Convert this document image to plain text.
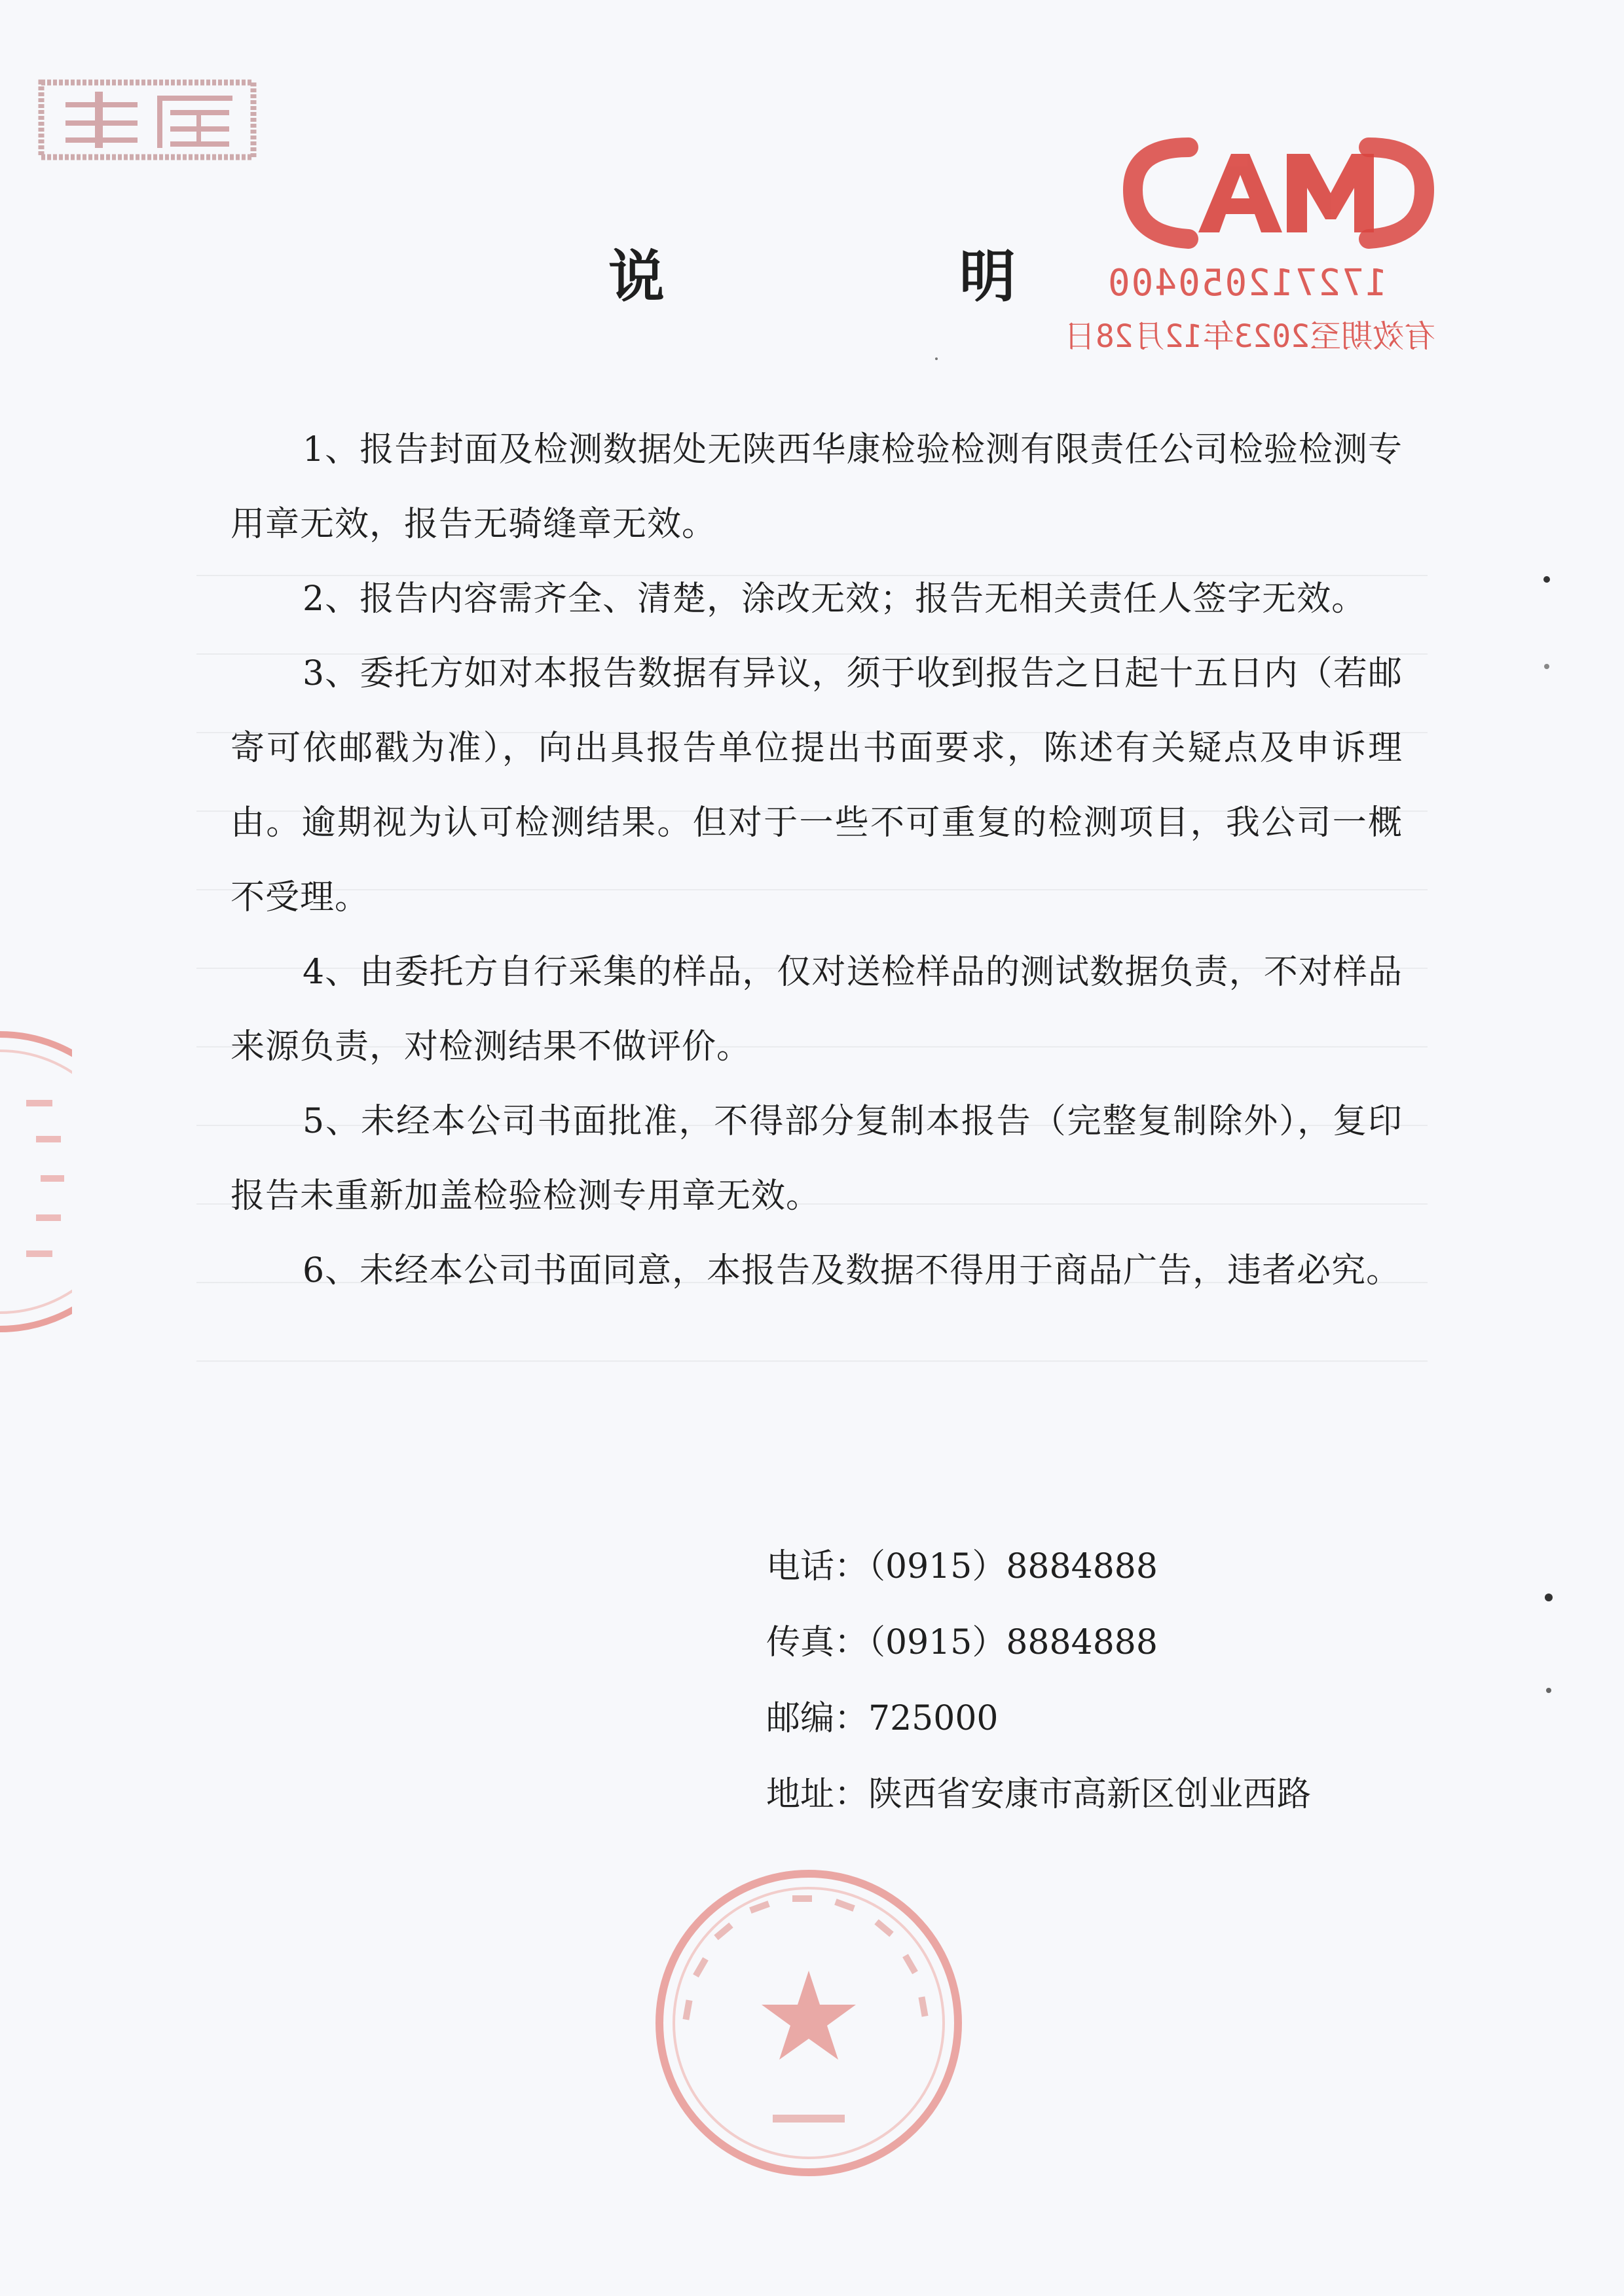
172712050400
有效期至2023年12月28日
说 明

1、报告封面及检测数据处无陕西华康检验检测有限责任公司检验检测专用章无效，报告无骑缝章无效。

2、报告内容需齐全、清楚，涂改无效；报告无相关责任人签字无效。

3、委托方如对本报告数据有异议，须于收到报告之日起十五日内（若邮寄可依邮戳为准），向出具报告单位提出书面要求，陈述有关疑点及申诉理由。逾期视为认可检测结果。但对于一些不可重复的检测项目，我公司一概不受理。

4、由委托方自行采集的样品，仅对送检样品的测试数据负责，不对样品来源负责，对检测结果不做评价。

5、未经本公司书面批准，不得部分复制本报告（完整复制除外），复印报告未重新加盖检验检测专用章无效。

6、未经本公司书面同意，本报告及数据不得用于商品广告，违者必究。

电话：（0915）8884888
传真：（0915）8884888
邮编：725000
地址：陕西省安康市高新区创业西路
